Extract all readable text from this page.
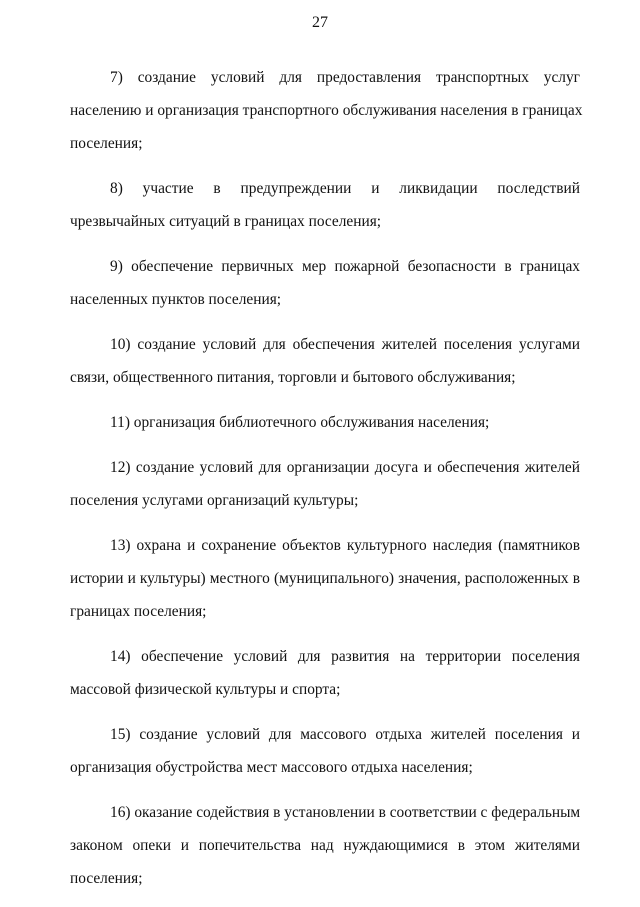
27
7) создание условий для предоставления транспортных услуг
населению и организация транспортного обслуживания населения в границах
поселения;
8) участие в предупреждении и ликвидации последствий
чрезвычайных ситуаций в границах поселения;
9) обеспечение первичных мер пожарной безопасности в границах
населенных пунктов поселения;
10) создание условий для обеспечения жителей поселения услугами
связи, общественного питания, торговли и бытового обслуживания;
11) организация библиотечного обслуживания населения;
12) создание условий для организации досуга и обеспечения жителей
поселения услугами организаций культуры;
13) охрана и сохранение объектов культурного наследия (памятников
истории и культуры) местного (муниципального) значения, расположенных в
границах поселения;
14) обеспечение условий для развития на территории поселения
массовой физической культуры и спорта;
15) создание условий для массового отдыха жителей поселения и
организация обустройства мест массового отдыха населения;
16) оказание содействия в установлении в соответствии с федеральным
законом опеки и попечительства над нуждающимися в этом жителями
поселения;
